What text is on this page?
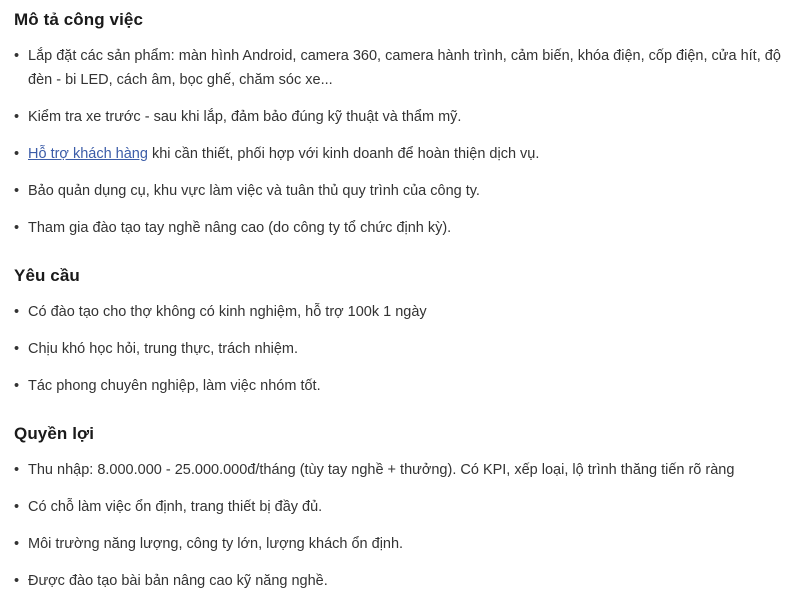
Mô tả công việc
• Lắp đặt các sản phẩm: màn hình Android, camera 360, camera hành trình, cảm biến, khóa điện, cốp điện, cửa hít, độ đèn - bi LED, cách âm, bọc ghế, chăm sóc xe...
• Kiểm tra xe trước - sau khi lắp, đảm bảo đúng kỹ thuật và thẩm mỹ.
• Hỗ trợ khách hàng khi cần thiết, phối hợp với kinh doanh để hoàn thiện dịch vụ.
• Bảo quản dụng cụ, khu vực làm việc và tuân thủ quy trình của công ty.
• Tham gia đào tạo tay nghề nâng cao (do công ty tổ chức định kỳ).
Yêu cầu
• Có đào tạo cho thợ không có kinh nghiệm, hỗ trợ 100k 1 ngày
• Chịu khó học hỏi, trung thực, trách nhiệm.
• Tác phong chuyên nghiệp, làm việc nhóm tốt.
Quyền lợi
• Thu nhập: 8.000.000 - 25.000.000đ/tháng (tùy tay nghề + thưởng). Có KPI, xếp loại, lộ trình thăng tiến rõ ràng
• Có chỗ làm việc ổn định, trang thiết bị đầy đủ.
• Môi trường năng lượng, công ty lớn, lượng khách ổn định.
• Được đào tạo bài bản nâng cao kỹ năng nghề.
